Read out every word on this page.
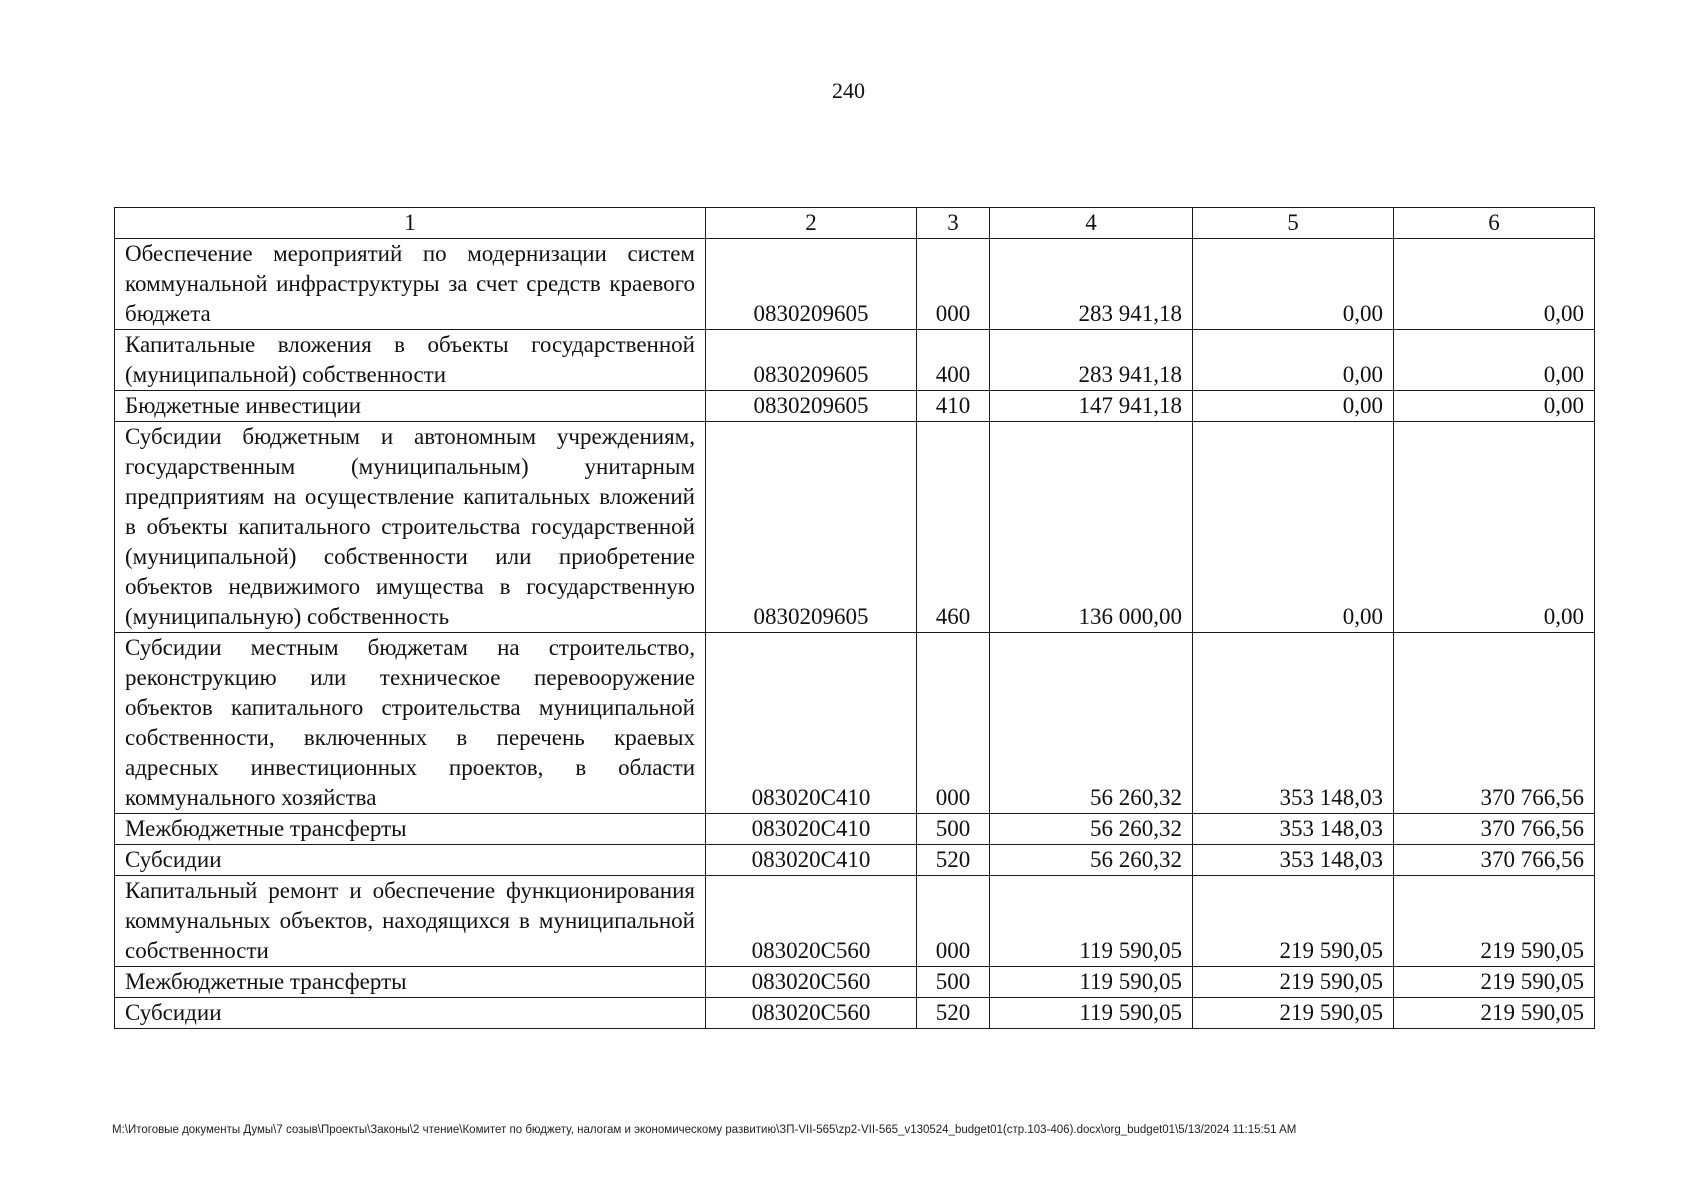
240
1	2	3	4	5	6
Обеспечение мероприятий по модернизации систем коммунальной инфраструктуры за счет средств краевого бюджета	0830209605	000	283 941,18	0,00	0,00
Капитальные вложения в объекты государственной (муниципальной) собственности	0830209605	400	283 941,18	0,00	0,00
Бюджетные инвестиции	0830209605	410	147 941,18	0,00	0,00
Субсидии бюджетным и автономным учреждениям, государственным (муниципальным) унитарным предприятиям на осуществление капитальных вложений в объекты капитального строительства государственной (муниципальной) собственности или приобретение объектов недвижимого имущества в государственную (муниципальную) собственность	0830209605	460	136 000,00	0,00	0,00
Субсидии местным бюджетам на строительство, реконструкцию или техническое перевооружение объектов капитального строительства муниципальной собственности, включенных в перечень краевых адресных инвестиционных проектов, в области коммунального хозяйства	083020С410	000	56 260,32	353 148,03	370 766,56
Межбюджетные трансферты	083020С410	500	56 260,32	353 148,03	370 766,56
Субсидии	083020С410	520	56 260,32	353 148,03	370 766,56
Капитальный ремонт и обеспечение функционирования коммунальных объектов, находящихся в муниципальной собственности	083020С560	000	119 590,05	219 590,05	219 590,05
Межбюджетные трансферты	083020С560	500	119 590,05	219 590,05	219 590,05
Субсидии	083020С560	520	119 590,05	219 590,05	219 590,05
M:\Итоговые документы Думы\7 созыв\Проекты\Законы\2 чтение\Комитет по бюджету, налогам и экономическому развитию\ЗП-VII-565\zp2-VII-565_v130524_budget01(стр.103-406).docx\org_budget01\5/13/2024 11:15:51 AM
